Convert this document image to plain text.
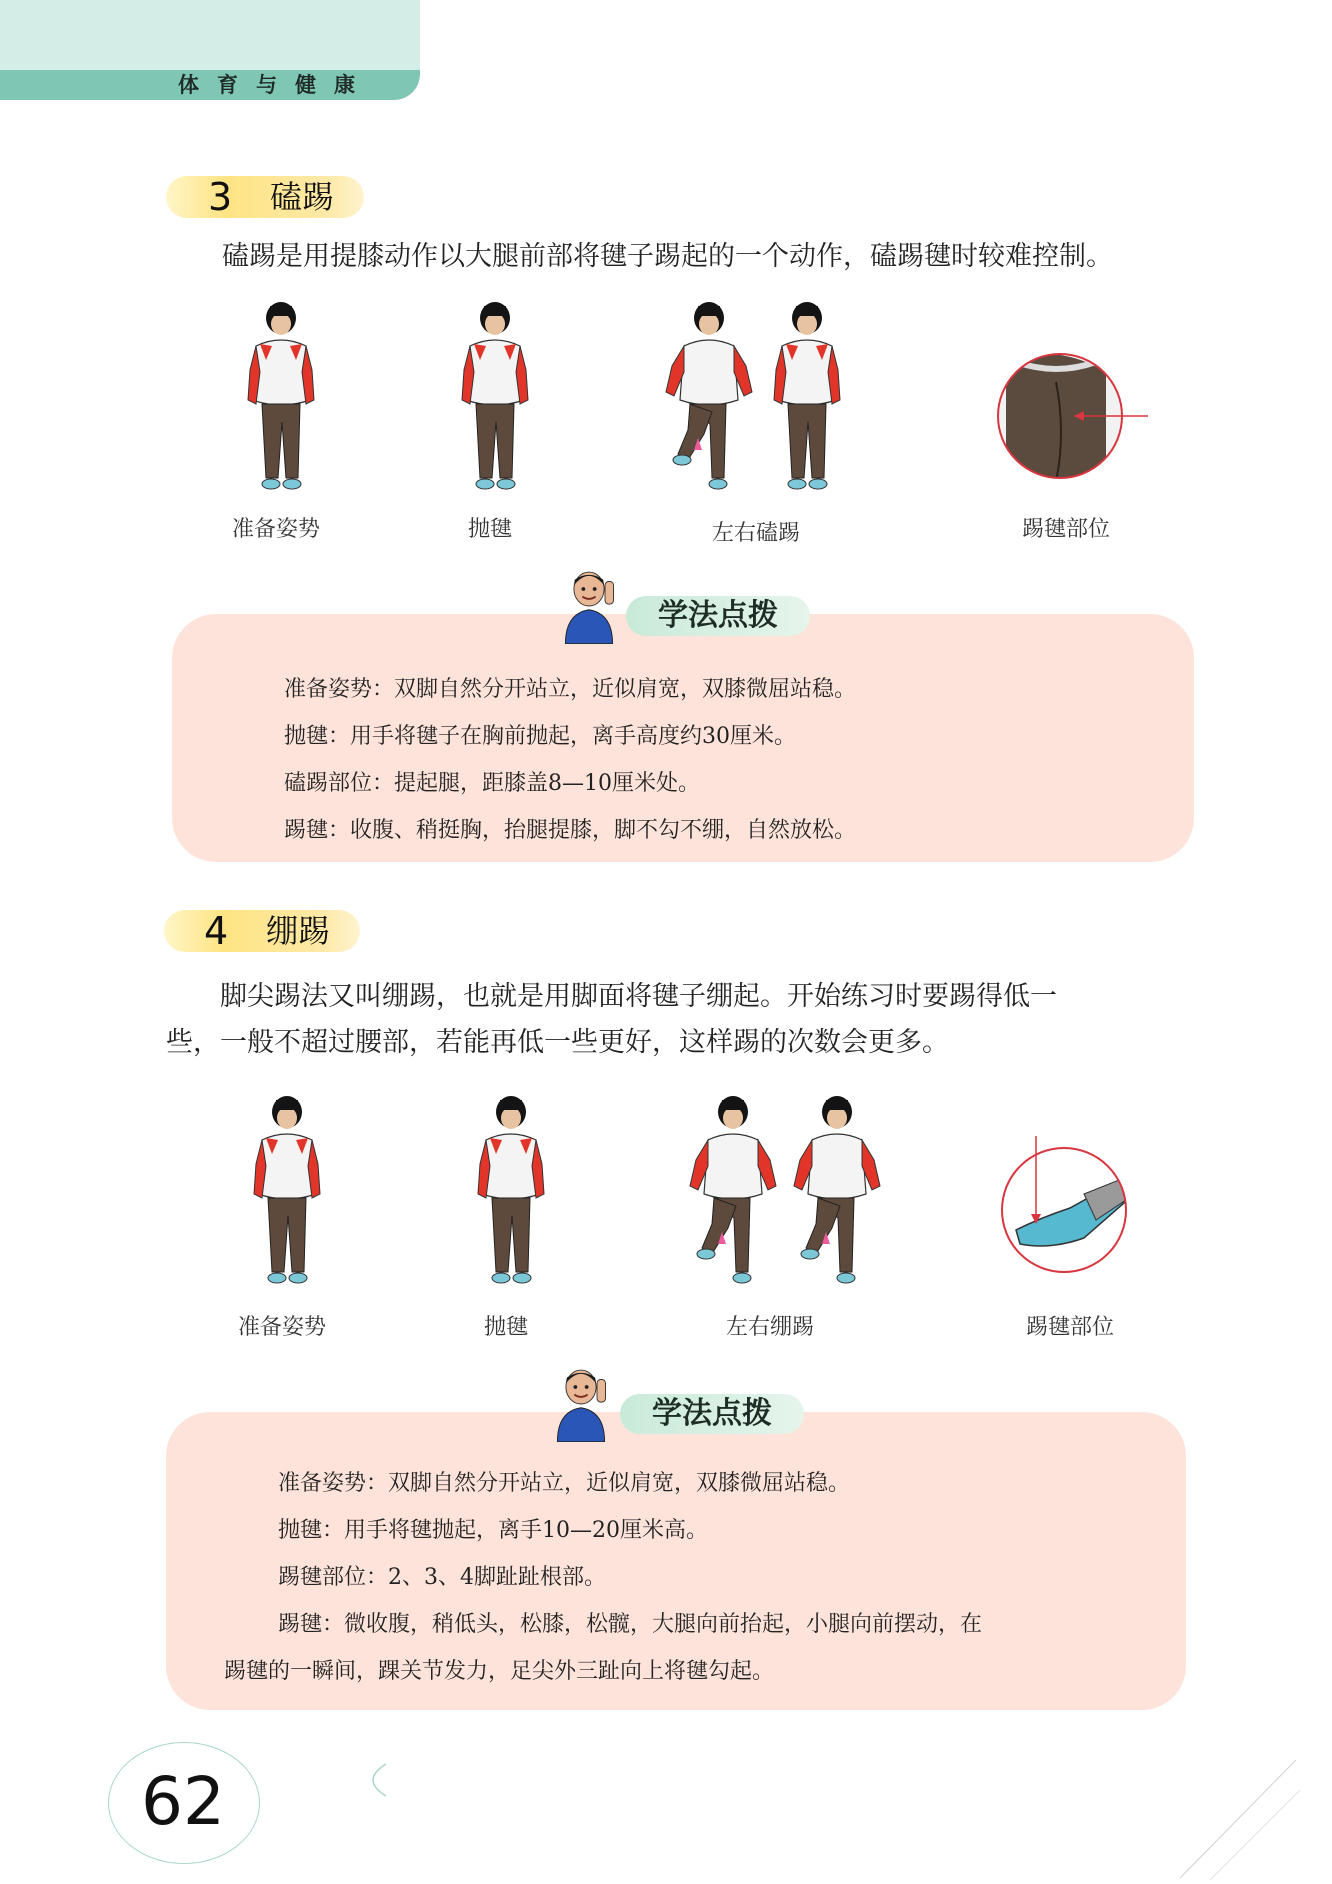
体育与健康
3 磕踢
磕踢是用提膝动作以大腿前部将毽子踢起的一个动作，磕踢毽时较难控制。
准备姿势	抛毽	左右磕踢	踢毽部位
学法点拨
准备姿势：双脚自然分开站立，近似肩宽，双膝微屈站稳。
抛毽：用手将毽子在胸前抛起，离手高度约30厘米。
磕踢部位：提起腿，距膝盖8—10厘米处。
踢毽：收腹、稍挺胸，抬腿提膝，脚不勾不绷，自然放松。
4 绷踢
脚尖踢法又叫绷踢，也就是用脚面将毽子绷起。开始练习时要踢得低一
些，一般不超过腰部，若能再低一些更好，这样踢的次数会更多。
准备姿势	抛毽	左右绷踢	踢毽部位
学法点拨
准备姿势：双脚自然分开站立，近似肩宽，双膝微屈站稳。
抛毽：用手将毽抛起，离手10—20厘米高。
踢毽部位：2、3、4脚趾趾根部。
踢毽：微收腹，稍低头，松膝，松髋，大腿向前抬起，小腿向前摆动，在
踢毽的一瞬间，踝关节发力，足尖外三趾向上将毽勾起。
62
